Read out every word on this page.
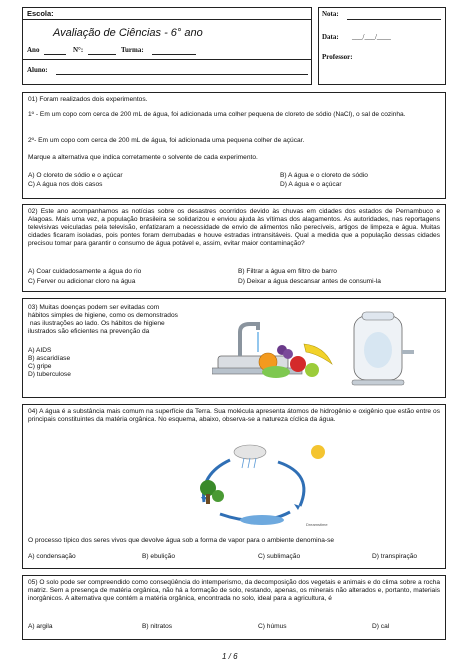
Escola:
Avaliação de Ciências - 6° ano
Ano	N°:	Turma:
Aluno:
Nota:
Data: ___/___/____
Professor:
01) Foram realizados dois experimentos.
1º - Em um copo com cerca de 200 mL de água, foi adicionada uma colher pequena de cloreto de sódio (NaCl), o sal de cozinha.
2º- Em um copo com cerca de 200 mL de água, foi adicionada uma pequena colher de açúcar.
Marque a alternativa que indica corretamente o solvente de cada experimento.
A) O cloreto de sódio e o açúcar	B) A água e o cloreto de sódio
C) A água nos dois casos	D) A água e o açúcar
02) Este ano acompanhamos as notícias sobre os desastres ocorridos devido às chuvas em cidades dos estados de Pernambuco e Alagoas. Mais uma vez, a população brasileira se solidarizou e enviou ajuda às vítimas dos alagamentos. As autoridades, nas reportagens televisivas veiculadas pela televisão, enfatizaram a necessidade de envio de alimentos não perecíveis, artigos de limpeza e água. Muitas cidades ficaram isoladas, pois pontes foram derrubadas e houve estradas intransitáveis. Qual a medida que a população dessas cidades precisou tomar para garantir o consumo de água potável e, assim, evitar maior contaminação?
A) Coar cuidadosamente a água do rio	B) Filtrar a água em filtro de barro
C) Ferver ou adicionar cloro na água	D) Deixar a água descansar antes de consumi-la
03) Muitas doenças podem ser evitadas com
hábitos simples de higiene, como os demonstrados
nas ilustrações ao lado. Os hábitos de higiene
ilustrados são eficientes na prevenção da
A) AIDS
B) ascaridíase
C) gripe
D) tuberculose
04) A água é a substância mais comum na superfície da Terra. Sua molécula apresenta átomos de hidrogênio e oxigênio que estão entre os principais constituintes da matéria orgânica. No esquema, abaixo, observa-se a natureza cíclica da água.
Dreamstime
O processo típico dos seres vivos que devolve água sob a forma de vapor para o ambiente denomina-se
A) condensação	B) ebulição	C) sublimação	D) transpiração
05) O solo pode ser compreendido como conseqüência do intemperismo, da decomposição dos vegetais e animais e do clima sobre a rocha matriz. Sem a presença de matéria orgânica, não há a formação de solo, restando, apenas, os minerais não alterados e, portanto, materiais inorgânicos. A alternativa que contém a matéria orgânica, encontrada no solo, ideal para a agricultura, é
A) argila	B) nitratos	C) húmus	D) cal
1 / 6
